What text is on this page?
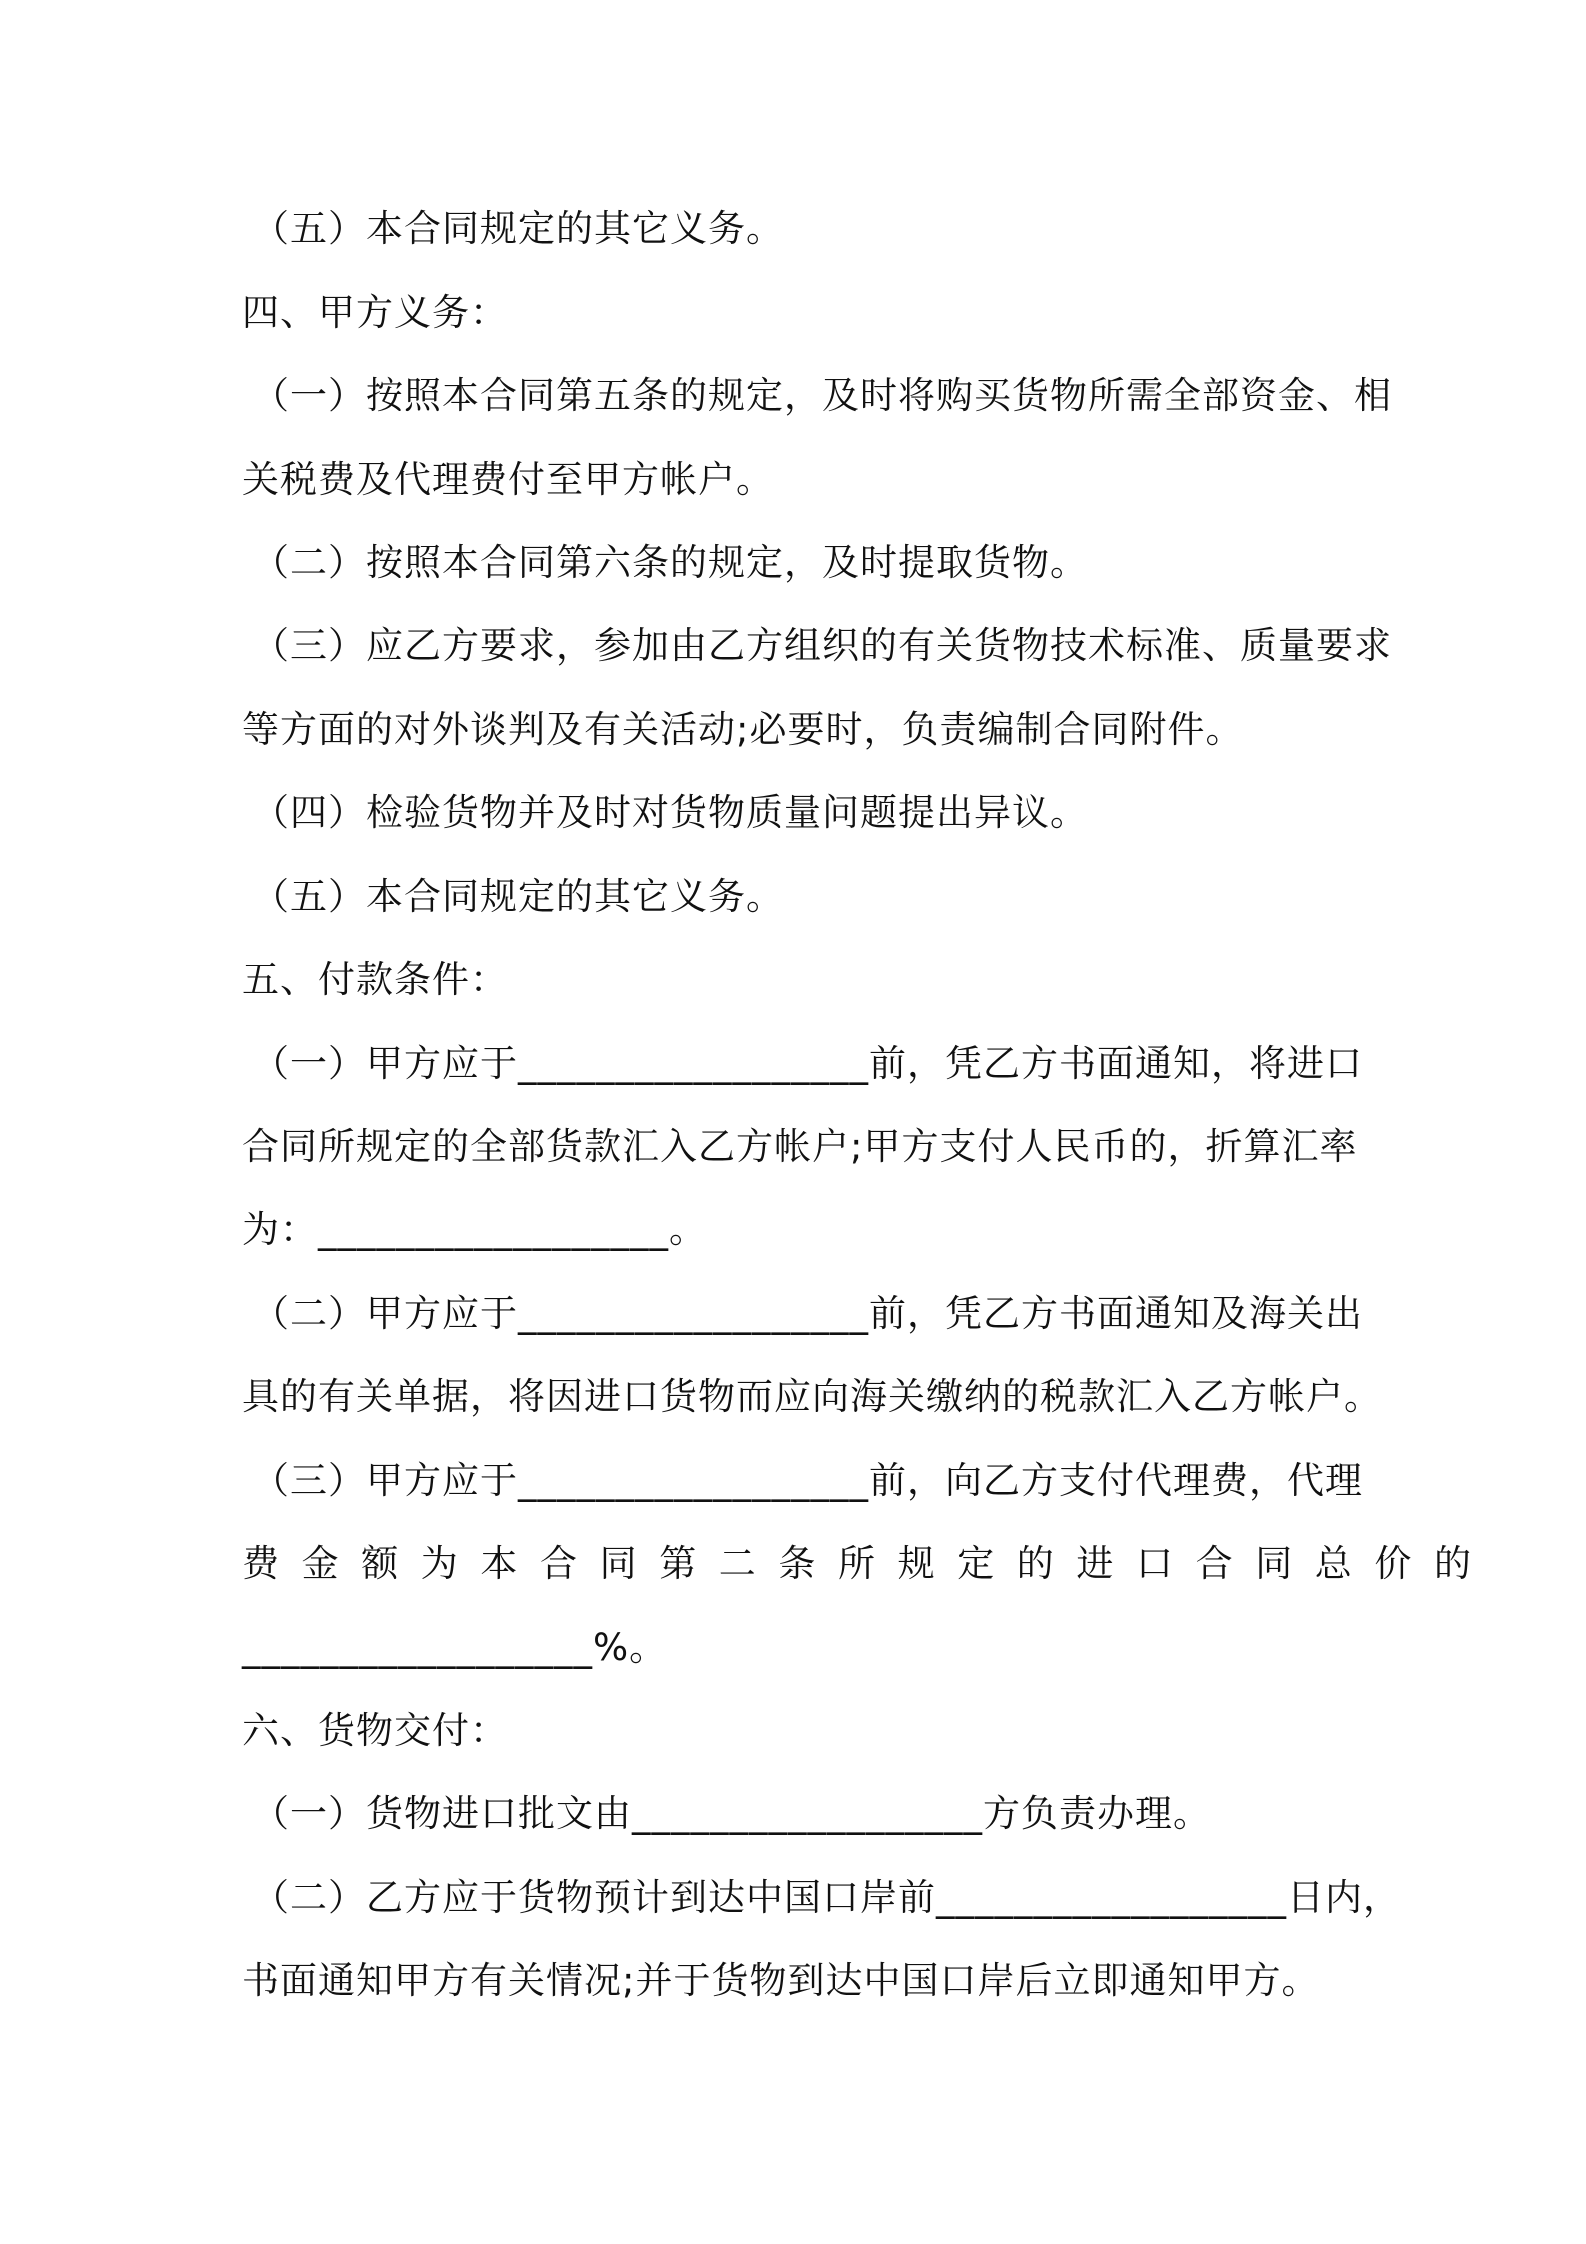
（五）本合同规定的其它义务。
四、甲方义务：
（一）按照本合同第五条的规定，及时将购买货物所需全部资金、相
关税费及代理费付至甲方帐户。
（二）按照本合同第六条的规定，及时提取货物。
（三）应乙方要求，参加由乙方组织的有关货物技术标准、质量要求
等方面的对外谈判及有关活动;必要时，负责编制合同附件。
（四）检验货物并及时对货物质量问题提出异议。
（五）本合同规定的其它义务。
五、付款条件：
（一）甲方应于__________________前，凭乙方书面通知，将进口
合同所规定的全部货款汇入乙方帐户;甲方支付人民币的，折算汇率
为：__________________。
（二）甲方应于__________________前，凭乙方书面通知及海关出
具的有关单据，将因进口货物而应向海关缴纳的税款汇入乙方帐户。
（三）甲方应于__________________前，向乙方支付代理费，代理
费金额为本合同第二条所规定的进口合同总价的
__________________%。
六、货物交付：
（一）货物进口批文由__________________方负责办理。
（二）乙方应于货物预计到达中国口岸前__________________日内，
书面通知甲方有关情况;并于货物到达中国口岸后立即通知甲方。
